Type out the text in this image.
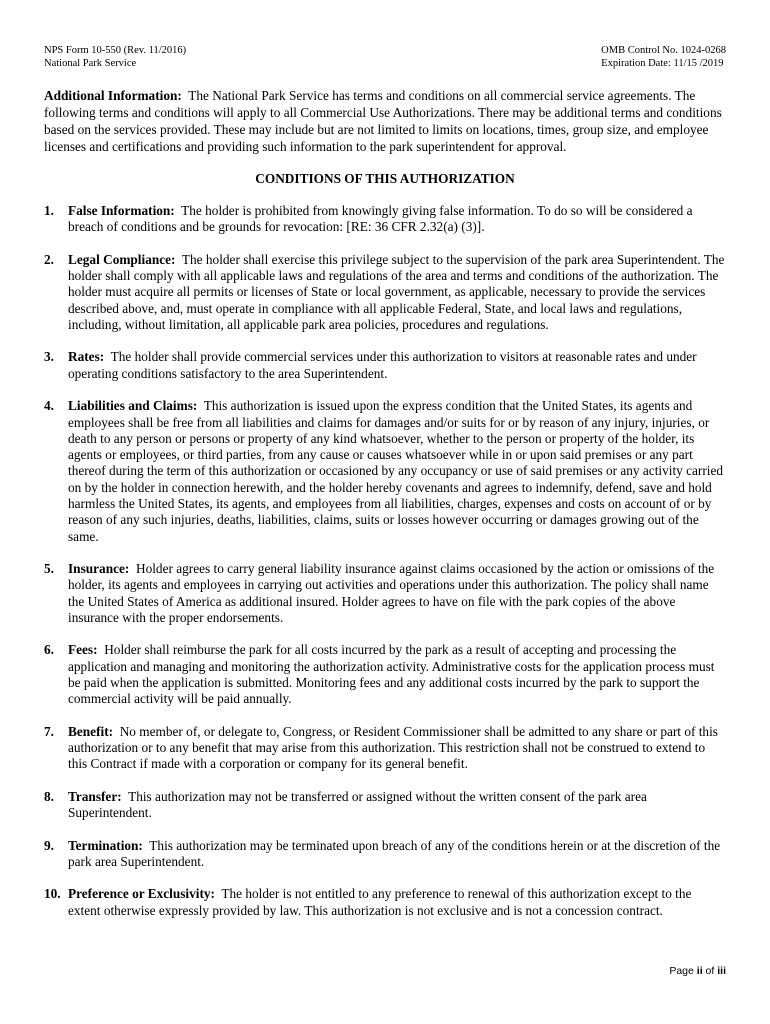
NPS Form 10-550 (Rev. 11/2016)
National Park Service
OMB Control No. 1024-0268
Expiration Date: 11/15 /2019

Additional Information: The National Park Service has terms and conditions on all commercial service agreements. The following terms and conditions will apply to all Commercial Use Authorizations. There may be additional terms and conditions based on the services provided. These may include but are not limited to limits on locations, times, group size, and employee licenses and certifications and providing such information to the park superintendent for approval.

CONDITIONS OF THIS AUTHORIZATION
1. False Information: The holder is prohibited from knowingly giving false information. To do so will be considered a breach of conditions and be grounds for revocation: [RE: 36 CFR 2.32(a) (3)].
2. Legal Compliance: The holder shall exercise this privilege subject to the supervision of the park area Superintendent. The holder shall comply with all applicable laws and regulations of the area and terms and conditions of the authorization. The holder must acquire all permits or licenses of State or local government, as applicable, necessary to provide the services described above, and, must operate in compliance with all applicable Federal, State, and local laws and regulations, including, without limitation, all applicable park area policies, procedures and regulations.
3. Rates: The holder shall provide commercial services under this authorization to visitors at reasonable rates and under operating conditions satisfactory to the area Superintendent.
4. Liabilities and Claims: This authorization is issued upon the express condition that the United States, its agents and employees shall be free from all liabilities and claims for damages and/or suits for or by reason of any injury, injuries, or death to any person or persons or property of any kind whatsoever, whether to the person or property of the holder, its agents or employees, or third parties, from any cause or causes whatsoever while in or upon said premises or any part thereof during the term of this authorization or occasioned by any occupancy or use of said premises or any activity carried on by the holder in connection herewith, and the holder hereby covenants and agrees to indemnify, defend, save and hold harmless the United States, its agents, and employees from all liabilities, charges, expenses and costs on account of or by reason of any such injuries, deaths, liabilities, claims, suits or losses however occurring or damages growing out of the same.
5. Insurance: Holder agrees to carry general liability insurance against claims occasioned by the action or omissions of the holder, its agents and employees in carrying out activities and operations under this authorization. The policy shall name the United States of America as additional insured. Holder agrees to have on file with the park copies of the above insurance with the proper endorsements.
6. Fees: Holder shall reimburse the park for all costs incurred by the park as a result of accepting and processing the application and managing and monitoring the authorization activity. Administrative costs for the application process must be paid when the application is submitted. Monitoring fees and any additional costs incurred by the park to support the commercial activity will be paid annually.
7. Benefit: No member of, or delegate to, Congress, or Resident Commissioner shall be admitted to any share or part of this authorization or to any benefit that may arise from this authorization. This restriction shall not be construed to extend to this Contract if made with a corporation or company for its general benefit.
8. Transfer: This authorization may not be transferred or assigned without the written consent of the park area Superintendent.
9. Termination: This authorization may be terminated upon breach of any of the conditions herein or at the discretion of the park area Superintendent.
10. Preference or Exclusivity: The holder is not entitled to any preference to renewal of this authorization except to the extent otherwise expressly provided by law. This authorization is not exclusive and is not a concession contract.
Page ii of iii
